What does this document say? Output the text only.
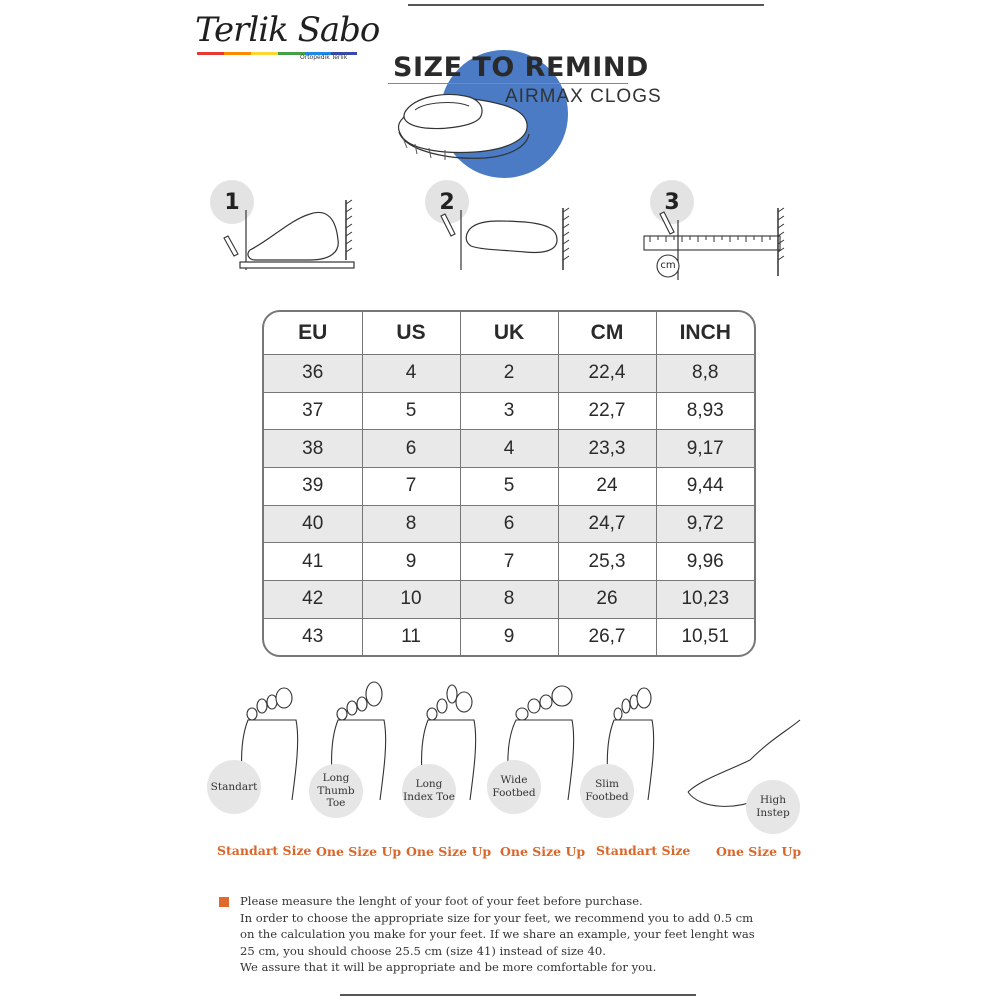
Terlik Sabo
Ortopedik Terlik SIZE TO REMIND
AIRMAX CLOGS
1	2	3
cm
EU	US	UK	CM	INCH
36	4	2	22,4	8,8
37	5	3	22,7	8,93
38	6	4	23,3	9,17
39	7	5	24	9,44
40	8	6	24,7	9,72
41	9	7	25,3	9,96
42	10	8	26	10,23
43	11	9	26,7	10,51
Standart
Long Thumb Toe
Long Index Toe
Wide Footbed
Slim Footbed	High Instep
Standart Size One Size Up One Size Up One Size Up Standart Size One Size Up

Please measure the lenght of your foot of your feet before purchase.

In order to choose the appropriate size for your feet, we recommend you to add 0.5 cm

on the calculation you make for your feet. If we share an example, your feet lenght was

25 cm, you should choose 25.5 cm (size 41) instead of size 40.

We assure that it will be appropriate and be more comfortable for you.
